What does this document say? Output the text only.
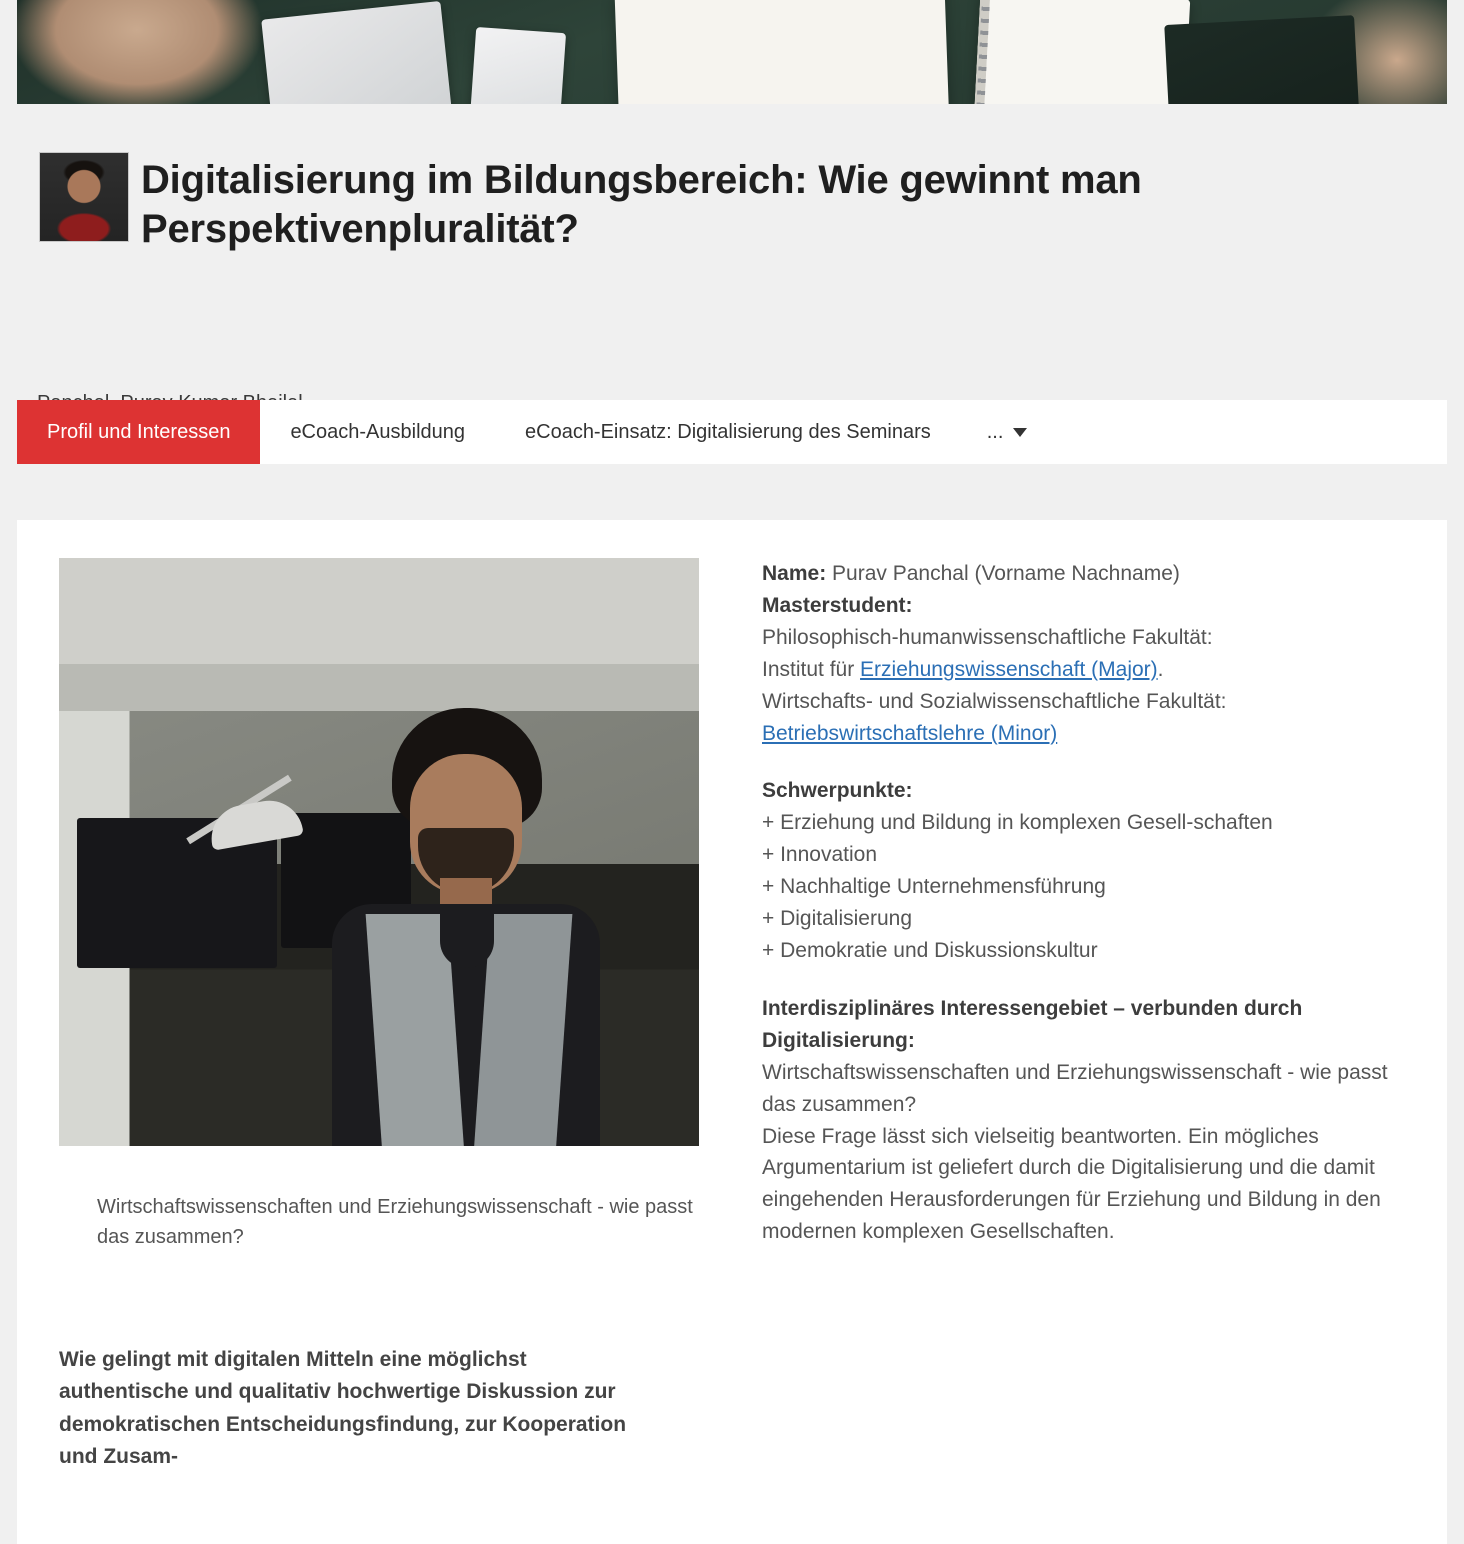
Digitalisierung im Bildungsbereich: Wie gewinnt man Perspektivenpluralität?
Profil und Interessen	eCoach-Ausbildung	eCoach-Einsatz: Digitalisierung des Seminars	...
Wirtschaftswissenschaften und Erziehungswissenschaft - wie passt das zusammen?
Wie gelingt mit digitalen Mitteln eine möglichst authentische und qualitativ hochwertige Diskussion zur demokratischen Entscheidungsfindung, zur Kooperation und Zusam-
Name: Purav Panchal (Vorname Nachname)
Masterstudent:
Philosophisch-humanwissenschaftliche Fakultät:
Institut für Erziehungswissenschaft (Major).
Wirtschafts- und Sozialwissenschaftliche Fakultät:
Betriebswirtschaftslehre (Minor)
Schwerpunkte:
+ Erziehung und Bildung in komplexen Gesell-schaften
+ Innovation
+ Nachhaltige Unternehmensführung
+ Digitalisierung
+ Demokratie und Diskussionskultur
Interdisziplinäres Interessengebiet – verbunden durch Digitalisierung:
Wirtschaftswissenschaften und Erziehungswissenschaft - wie passt das zusammen?
Diese Frage lässt sich vielseitig beantworten. Ein mögliches Argumentarium ist geliefert durch die Digitalisierung und die damit eingehenden Herausforderungen für Erziehung und Bildung in den modernen komplexen Gesellschaften.
